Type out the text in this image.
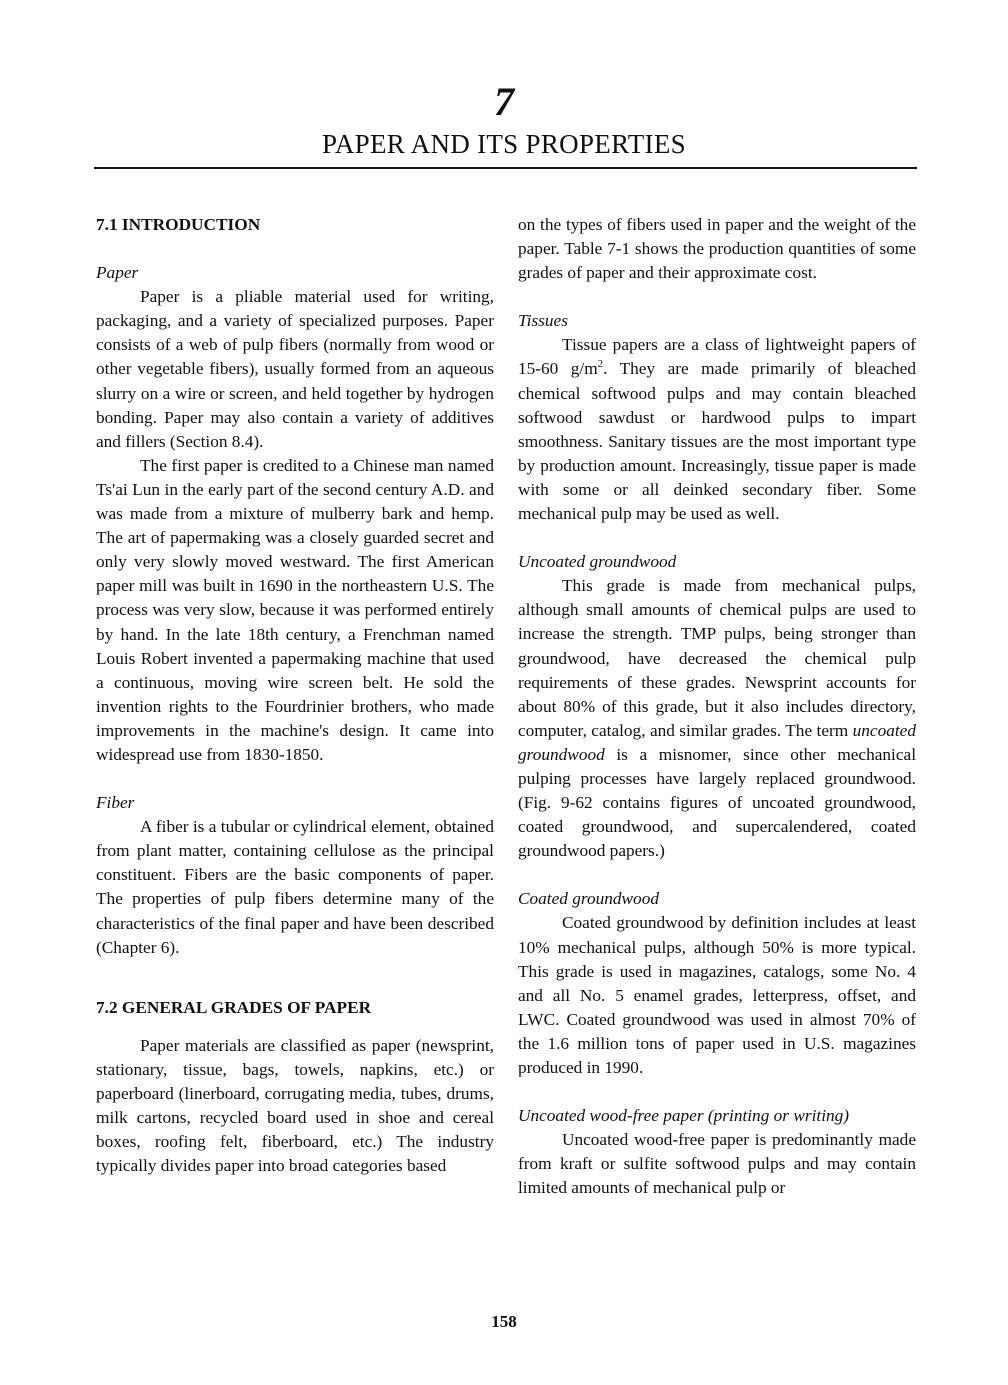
7
PAPER AND ITS PROPERTIES
7.1 INTRODUCTION
Paper

Paper is a pliable material used for writing, packaging, and a variety of specialized purposes. Paper consists of a web of pulp fibers (normally from wood or other vegetable fibers), usually formed from an aqueous slurry on a wire or screen, and held together by hydrogen bonding. Paper may also contain a variety of additives and fillers (Section 8.4).

The first paper is credited to a Chinese man named Ts'ai Lun in the early part of the second century A.D. and was made from a mixture of mulberry bark and hemp. The art of papermaking was a closely guarded secret and only very slowly moved westward. The first American paper mill was built in 1690 in the northeastern U.S. The process was very slow, because it was performed entirely by hand. In the late 18th century, a Frenchman named Louis Robert invented a papermaking machine that used a continuous, moving wire screen belt. He sold the invention rights to the Fourdrinier brothers, who made improvements in the machine's design. It came into widespread use from 1830-1850.

Fiber

A fiber is a tubular or cylindrical element, obtained from plant matter, containing cellulose as the principal constituent. Fibers are the basic components of paper. The properties of pulp fibers determine many of the characteristics of the final paper and have been described (Chapter 6).

7.2 GENERAL GRADES OF PAPER

Paper materials are classified as paper (newsprint, stationary, tissue, bags, towels, napkins, etc.) or paperboard (linerboard, corrugating media, tubes, drums, milk cartons, recycled board used in shoe and cereal boxes, roofing felt, fiberboard, etc.) The industry typically divides paper into broad categories based

on the types of fibers used in paper and the weight of the paper. Table 7-1 shows the production quantities of some grades of paper and their approximate cost.

Tissues

Tissue papers are a class of lightweight papers of 15-60 $g/m^2$. They are made primarily of bleached chemical softwood pulps and may contain bleached softwood sawdust or hardwood pulps to impart smoothness. Sanitary tissues are the most important type by production amount. Increasingly, tissue paper is made with some or all deinked secondary fiber. Some mechanical pulp may be used as well.

Uncoated groundwood

This grade is made from mechanical pulps, although small amounts of chemical pulps are used to increase the strength. TMP pulps, being stronger than groundwood, have decreased the chemical pulp requirements of these grades. Newsprint accounts for about 80% of this grade, but it also includes directory, computer, catalog, and similar grades. The term uncoated groundwood is a misnomer, since other mechanical pulping processes have largely replaced groundwood. (Fig. 9-62 contains figures of uncoated groundwood, coated groundwood, and supercalendered, coated groundwood papers.)

Coated groundwood

Coated groundwood by definition includes at least 10% mechanical pulps, although 50% is more typical. This grade is used in magazines, catalogs, some No. 4 and all No. 5 enamel grades, letterpress, offset, and LWC. Coated groundwood was used in almost 70% of the 1.6 million tons of paper used in U.S. magazines produced in 1990.

Uncoated wood-free paper (printing or writing)

Uncoated wood-free paper is predominantly made from kraft or sulfite softwood pulps and may contain limited amounts of mechanical pulp or

158
